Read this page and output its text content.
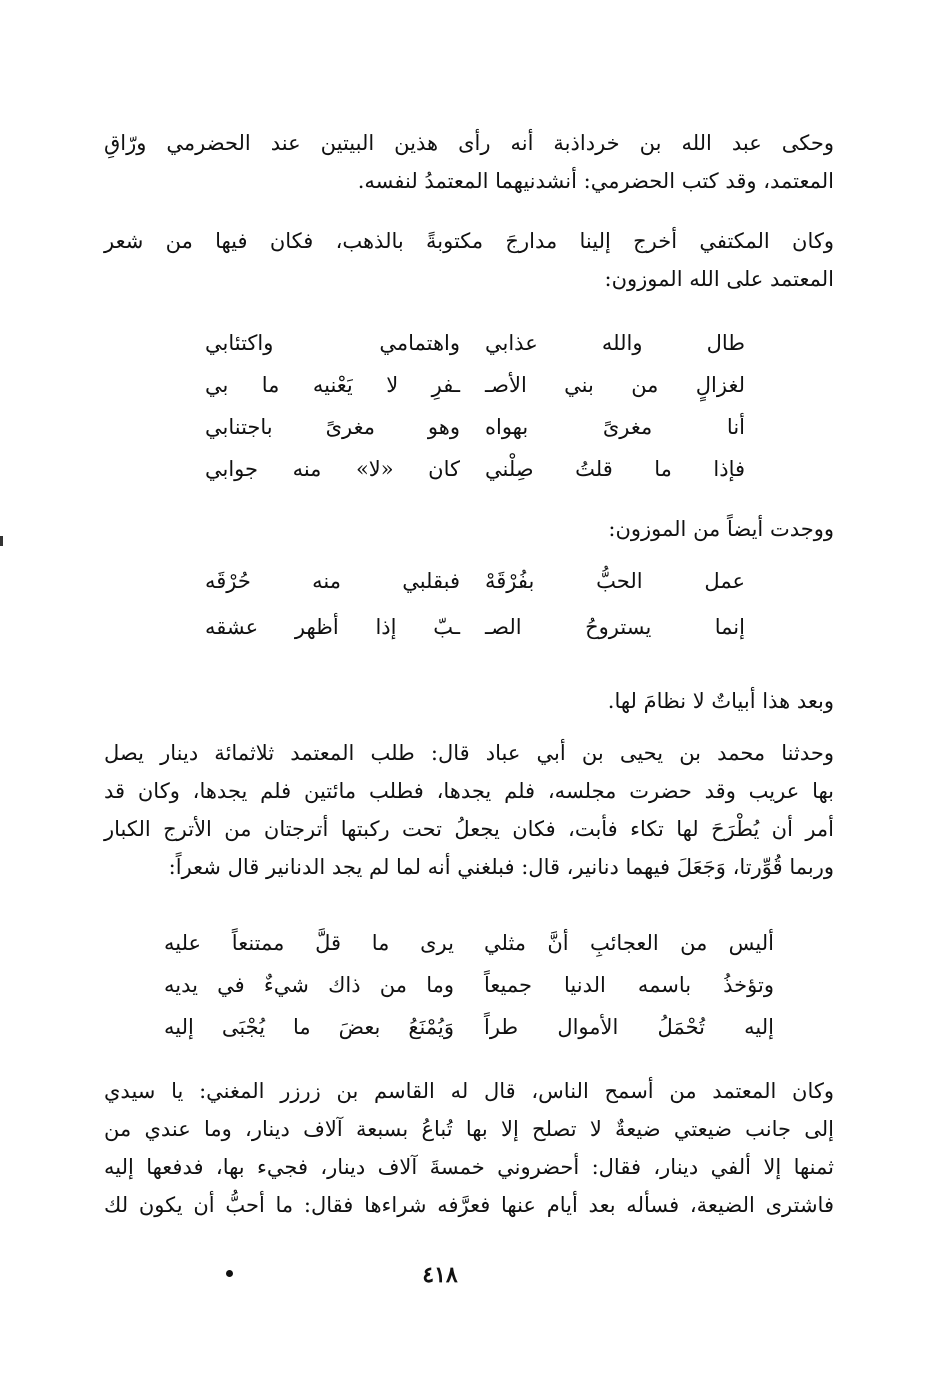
وحكى عبد الله بن خرداذبة أنه رأى هذين البيتين عند الحضرمي ورّاقِ
المعتمد، وقد كتب الحضرمي: أنشدنيهما المعتمدُ لنفسه.

وكان المكتفي أخرج إلينا مدارجَ مكتوبةً بالذهب، فكان فيها من شعر
المعتمد على الله الموزون:

طال والله عذابي
واهتمامي واكتئابي
لغزالٍ من بني الأصـ
ـفرِ لا يَعْنيه ما بي
أنا مغرىً بهواه
وهو مغرىً باجتنابي
فإذا ما قلتُ صِلْني
كان «لا» منه جوابي

ووجدت أيضاً من الموزون:

عمل الحبُّ بفُرْقَهْ
فبقلبي منه حُرْقَه
إنما يستروحُ الصـ
ـبّ إذا أظهر عشقه

وبعد هذا أبياتٌ لا نظامَ لها.

وحدثنا محمد بن يحيى بن أبي عباد قال: طلب المعتمد ثلاثمائة دينار يصل
بها عريب وقد حضرت مجلسه، فلم يجدها، فطلب مائتين فلم يجدها، وكان قد
أمر أن يُطْرَحَ لها تكاء فأبت، فكان يجعلُ تحت ركبتها أترجتان من الأترج الكبار
وربما قُوِّرتا، وَجَعَلَ فيهما دنانير، قال: فبلغني أنه لما لم يجد الدنانير قال شعراً:

أليس من العجائبِ أنَّ مثلي
يرى ما قلَّ ممتنعاً عليه
وتؤخذُ باسمه الدنيا جميعاً
وما من ذاك شيءٌ في يديه
إليه تُحْمَلُ الأموال طراً
وَيُمْنَعُ بعضَ ما يُجْبَى إليه

وكان المعتمد من أسمح الناس، قال له القاسم بن زرزر المغني: يا سيدي
إلى جانب ضيعتي ضيعةٌ لا تصلح إلا بها تُباعُ بسبعة آلاف دينار، وما عندي من
ثمنها إلا ألفي دينار، فقال: أحضروني خمسةَ آلاف دينار، فجيء بها، فدفعها إليه
فاشترى الضيعة، فسأله بعد أيام عنها فعرَّفه شراءها فقال: ما أحبُّ أن يكون لك

٤١٨
